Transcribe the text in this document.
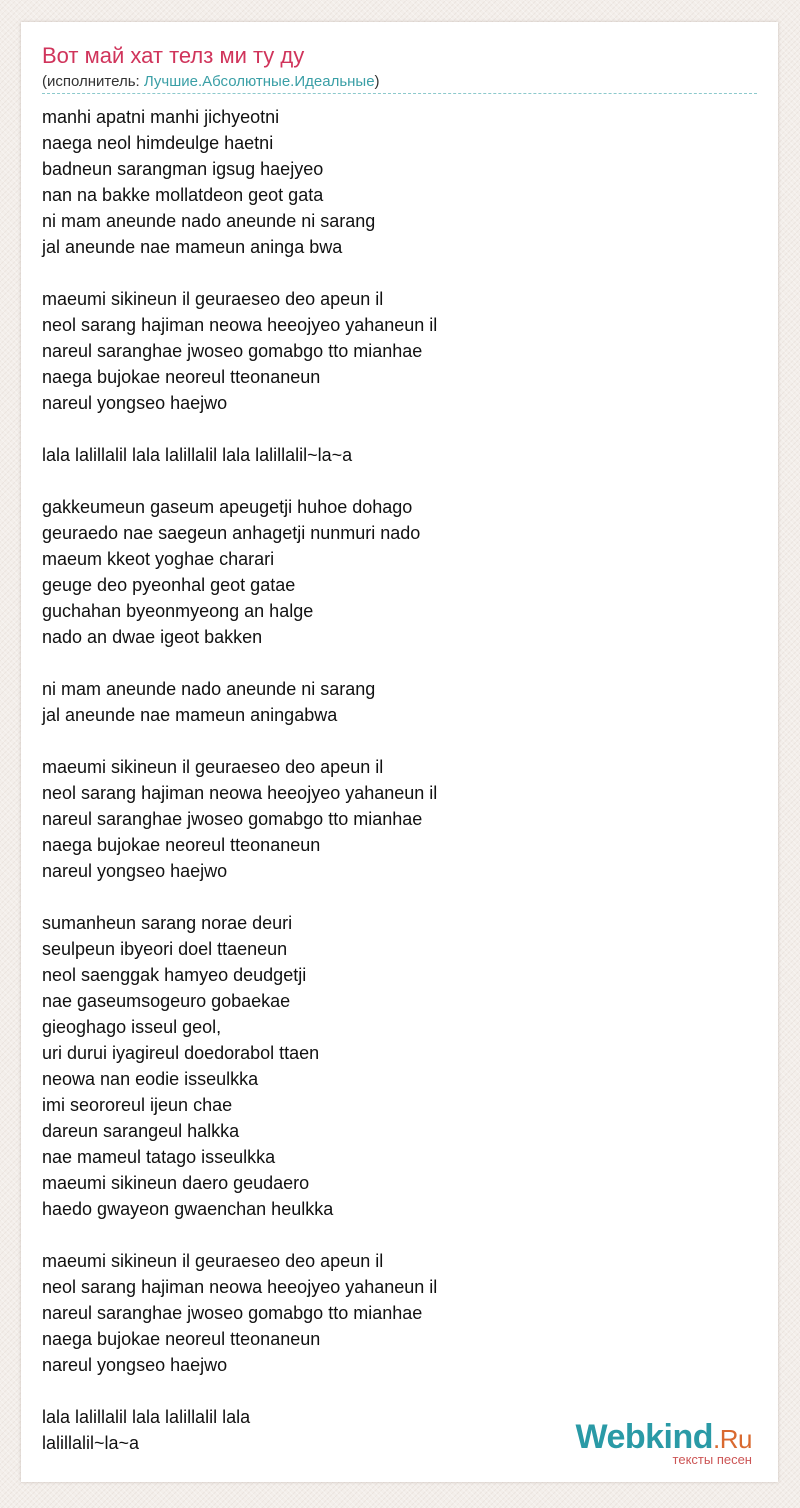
Вот май хат телз ми ту ду
(исполнитель: Лучшие.Абсолютные.Идеальные)
manhi apatni manhi jichyeotni
naega neol himdeulge haetni
badneun sarangman igsug haejyeo
nan na bakke mollatdeon geot gata
ni mam aneunde nado aneunde ni sarang
jal aneunde nae mameun aninga bwa
maeumi sikineun il geuraeseo deo apeun il
neol sarang hajiman neowa heeojyeo yahaneun il
nareul saranghae jwoseo gomabgo tto mianhae
naega bujokae neoreul tteonaneun
nareul yongseo haejwo
lala lalillalil lala lalillalil lala lalillalil~la~a
gakkeumeun gaseum apeugetji huhoe dohago
geuraedo nae saegeun anhagetji nunmuri nado
maeum kkeot yoghae charari
geuge deo pyeonhal geot gatae
guchahan byeonmyeong an halge
nado an dwae igeot bakken
ni mam aneunde nado aneunde ni sarang
jal aneunde nae mameun aningabwa
maeumi sikineun il geuraeseo deo apeun il
neol sarang hajiman neowa heeojyeo yahaneun il
nareul saranghae jwoseo gomabgo tto mianhae
naega bujokae neoreul tteonaneun
nareul yongseo haejwo
sumanheun sarang norae deuri
seulpeun ibyeori doel ttaeneun
neol saenggak hamyeo deudgetji
nae gaseumsogeuro gobaekae
gieoghago isseul geol,
uri durui iyagireul doedorabol ttaen
neowa nan eodie isseulkka
imi seororeul ijeun chae
dareun sarangeul halkka
nae mameul tatago isseulkka
maeumi sikineun daero geudaero
haedo gwayeon gwaenchan heulkka
maeumi sikineun il geuraeseo deo apeun il
neol sarang hajiman neowa heeojyeo yahaneun il
nareul saranghae jwoseo gomabgo tto mianhae
naega bujokae neoreul tteonaneun
nareul yongseo haejwo
lala lalillalil lala lalillalil lala
lalillalil~la~a	Webkind.Ru
тексты песен
